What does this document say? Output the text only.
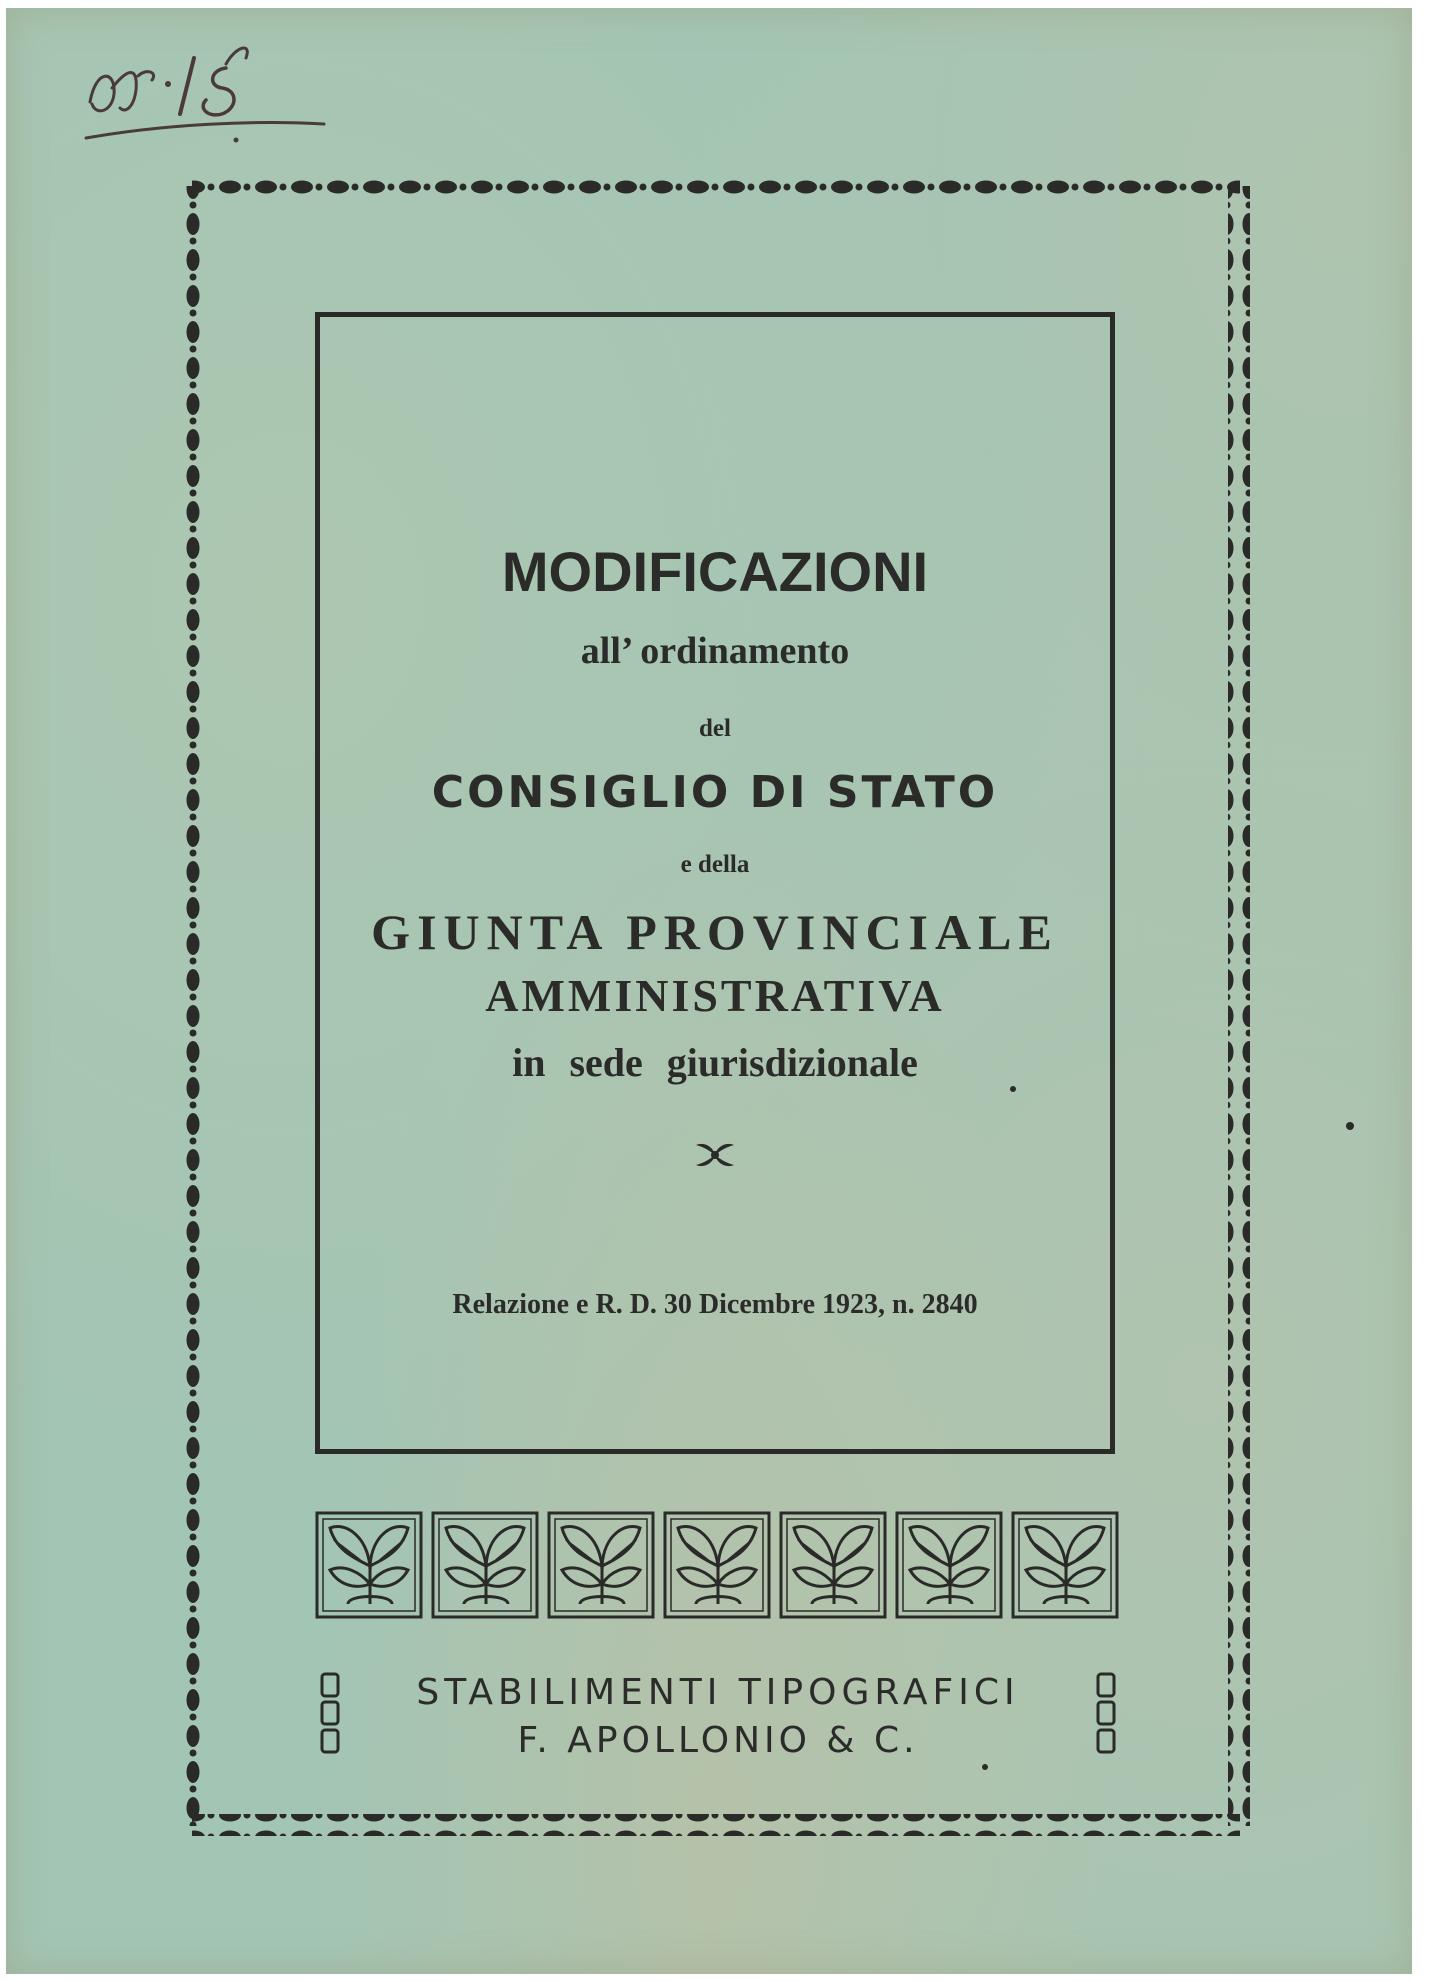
MODIFICAZIONI
all’ ordinamento
del
CONSIGLIO DI STATO
e della
GIUNTA PROVINCIALE
AMMINISTRATIVA
in sede giurisdizionale
Relazione e R. D. 30 Dicembre 1923, n. 2840
STABILIMENTI TIPOGRAFICI
F. APOLLONIO & C.
